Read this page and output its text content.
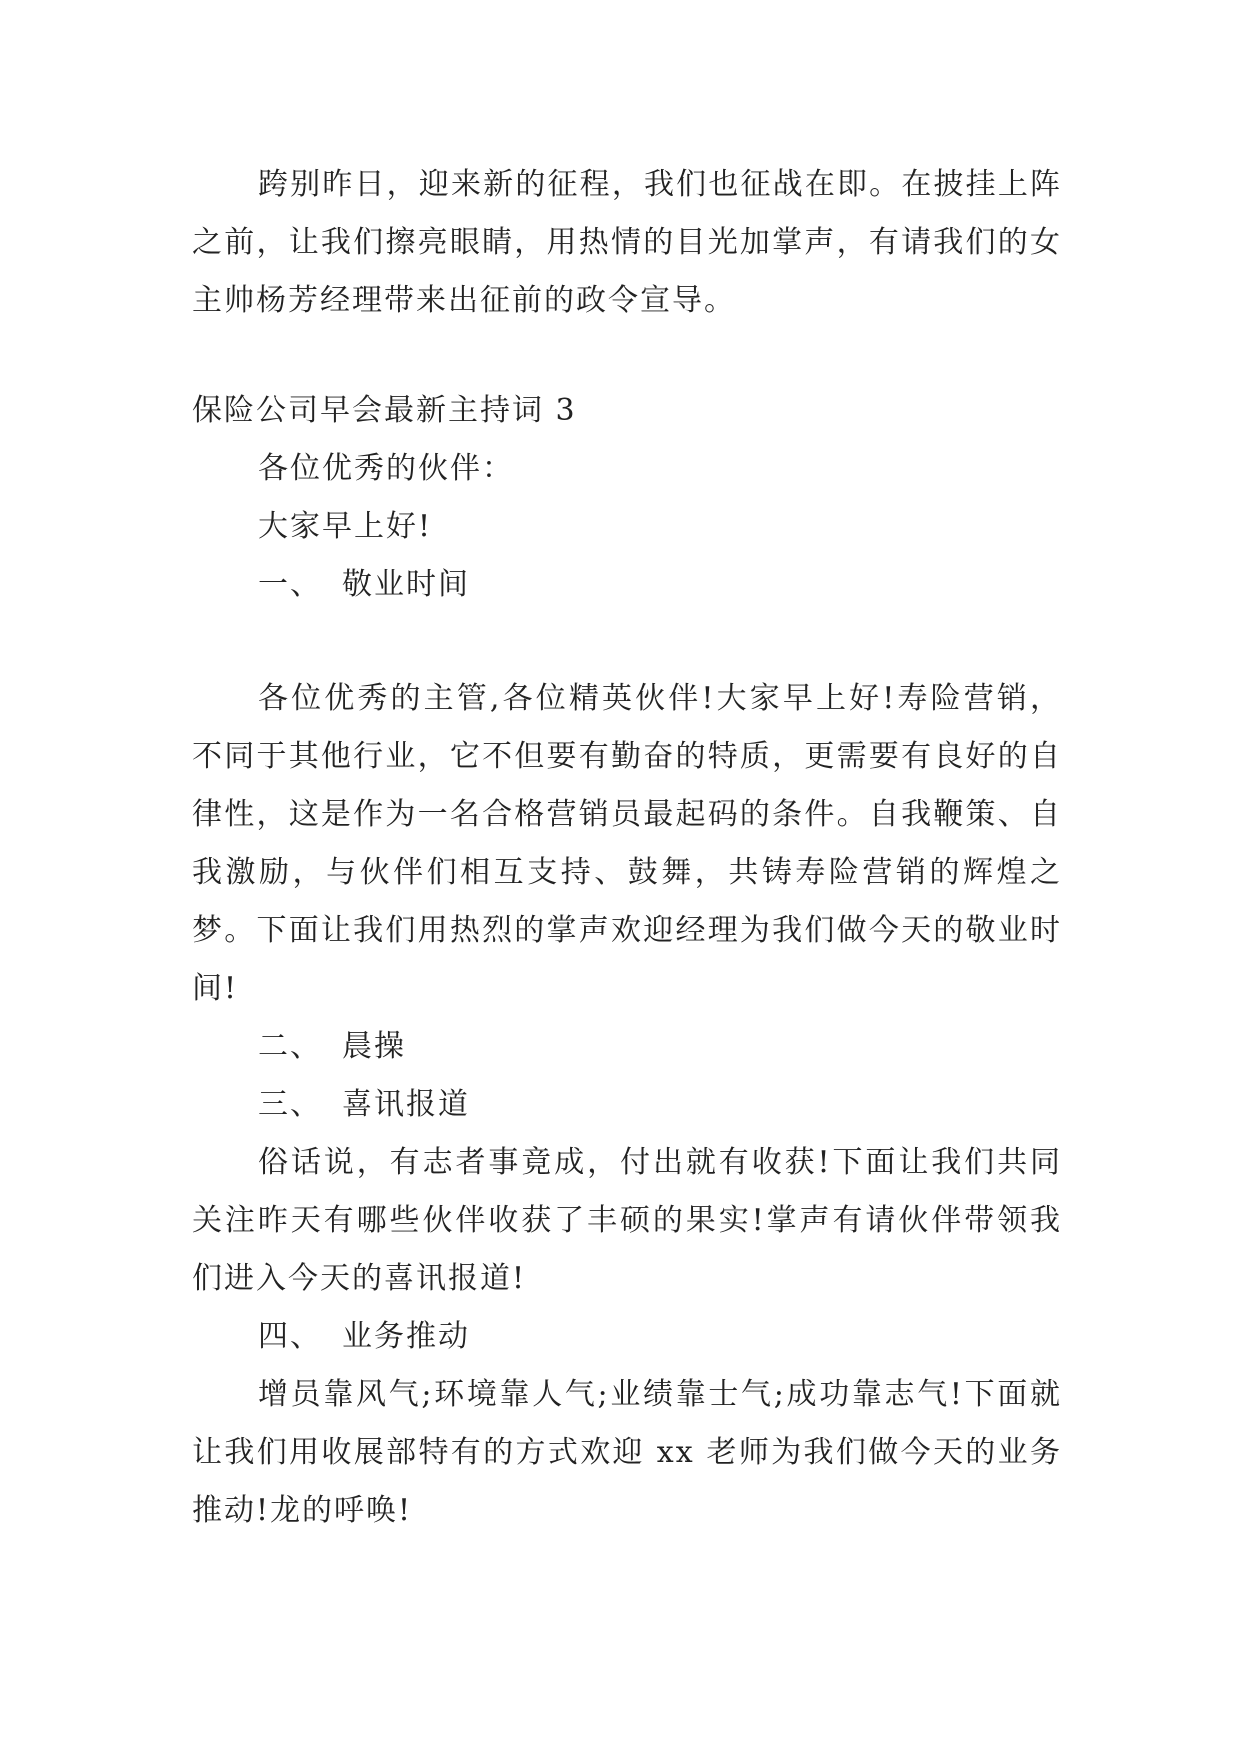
跨别昨日，迎来新的征程，我们也征战在即。在披挂上阵之前，让我们擦亮眼睛，用热情的目光加掌声，有请我们的女主帅杨芳经理带来出征前的政令宣导。

保险公司早会最新主持词 3

各位优秀的伙伴：

大家早上好!

一、 敬业时间

各位优秀的主管,各位精英伙伴!大家早上好!寿险营销，不同于其他行业，它不但要有勤奋的特质，更需要有良好的自律性，这是作为一名合格营销员最起码的条件。自我鞭策、自我激励，与伙伴们相互支持、鼓舞，共铸寿险营销的辉煌之梦。下面让我们用热烈的掌声欢迎经理为我们做今天的敬业时间!

二、 晨操

三、 喜讯报道

俗话说，有志者事竟成，付出就有收获!下面让我们共同关注昨天有哪些伙伴收获了丰硕的果实!掌声有请伙伴带领我们进入今天的喜讯报道!

四、 业务推动

增员靠风气;环境靠人气;业绩靠士气;成功靠志气!下面就让我们用收展部特有的方式欢迎 xx 老师为我们做今天的业务推动!龙的呼唤!
